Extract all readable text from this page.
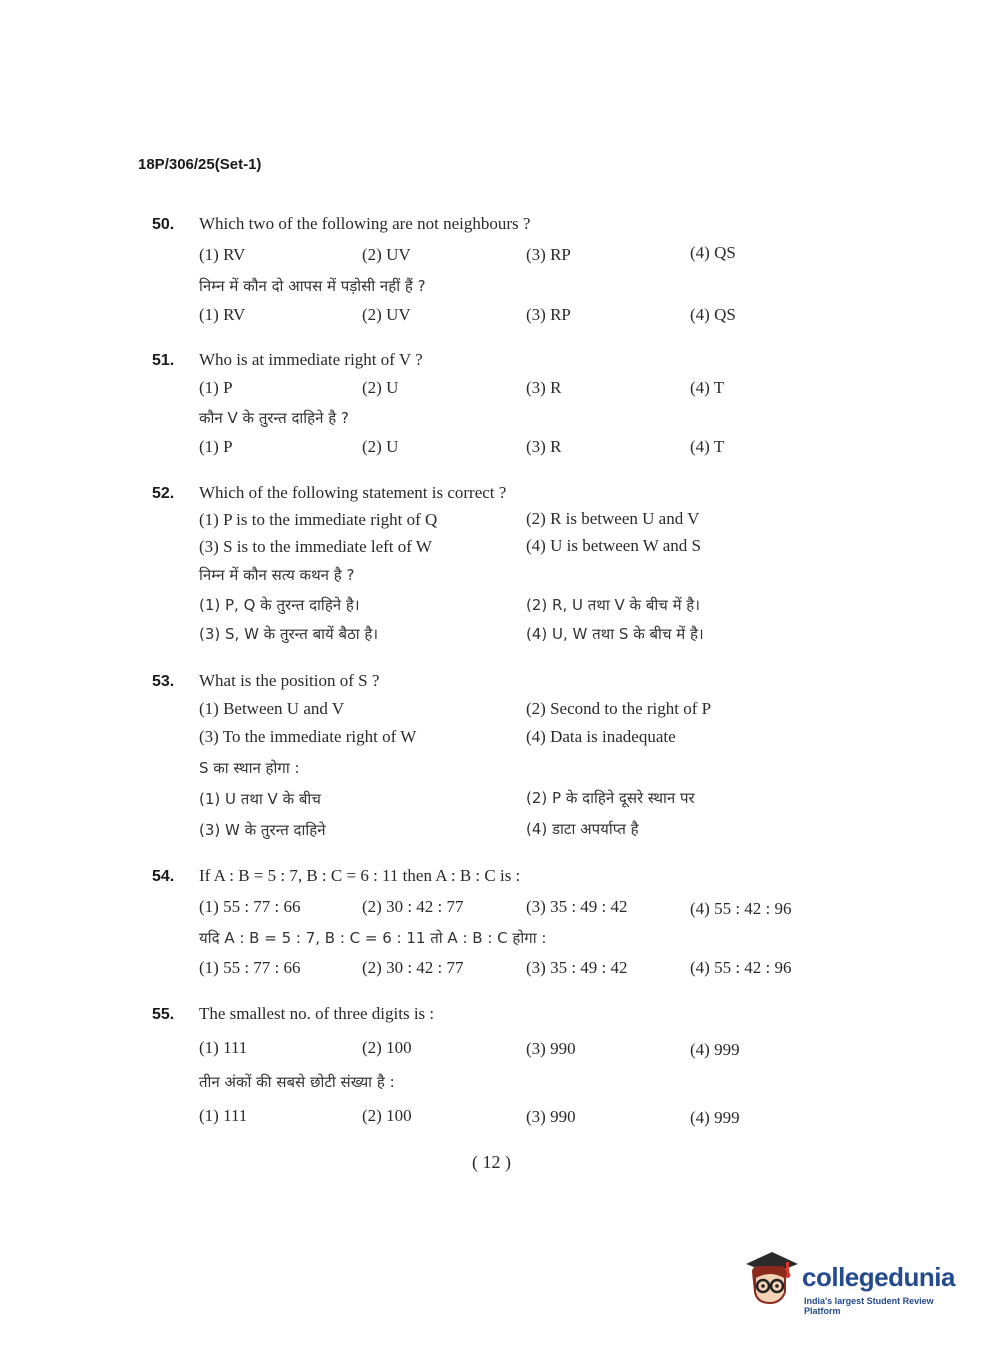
18P/306/25(Set-1)
50. Which two of the following are not neighbours ?
(1) RV	(2) UV	(3) RP	(4) QS
निम्न में कौन दो आपस में पड़ोसी नहीं हैं ?
(1) RV	(2) UV	(3) RP	(4) QS
51. Who is at immediate right of V ?
(1) P	(2) U	(3) R	(4) T
कौन V के तुरन्त दाहिने है ?
(1) P	(2) U	(3) R	(4) T
52. Which of the following statement is correct ?
(1) P is to the immediate right of Q	(2) R is between U and V
(3) S is to the immediate left of W	(4) U is between W and S
निम्न में कौन सत्य कथन है ?
(1) P, Q के तुरन्त दाहिने है।	(2) R, U तथा V के बीच में है।
(3) S, W के तुरन्त बायें बैठा है।	(4) U, W तथा S के बीच में है।
53. What is the position of S ?
(1) Between U and V	(2) Second to the right of P
(3) To the immediate right of W	(4) Data is inadequate
S का स्थान होगा :
(1) U तथा V के बीच	(2) P के दाहिने दूसरे स्थान पर
(3) W के तुरन्त दाहिने	(4) डाटा अपर्याप्त है
54. If A : B = 5 : 7, B : C = 6 : 11 then A : B : C is :
(1) 55 : 77 : 66	(2) 30 : 42 : 77	(3) 35 : 49 : 42	(4) 55 : 42 : 96
यदि A : B = 5 : 7, B : C = 6 : 11 तो A : B : C होगा :
(1) 55 : 77 : 66	(2) 30 : 42 : 77	(3) 35 : 49 : 42	(4) 55 : 42 : 96
55. The smallest no. of three digits is :
(1) 111	(2) 100	(3) 990	(4) 999
तीन अंकों की सबसे छोटी संख्या है :
(1) 111	(2) 100	(3) 990	(4) 999
( 12 )
collegedunia
India's largest Student Review Platform
